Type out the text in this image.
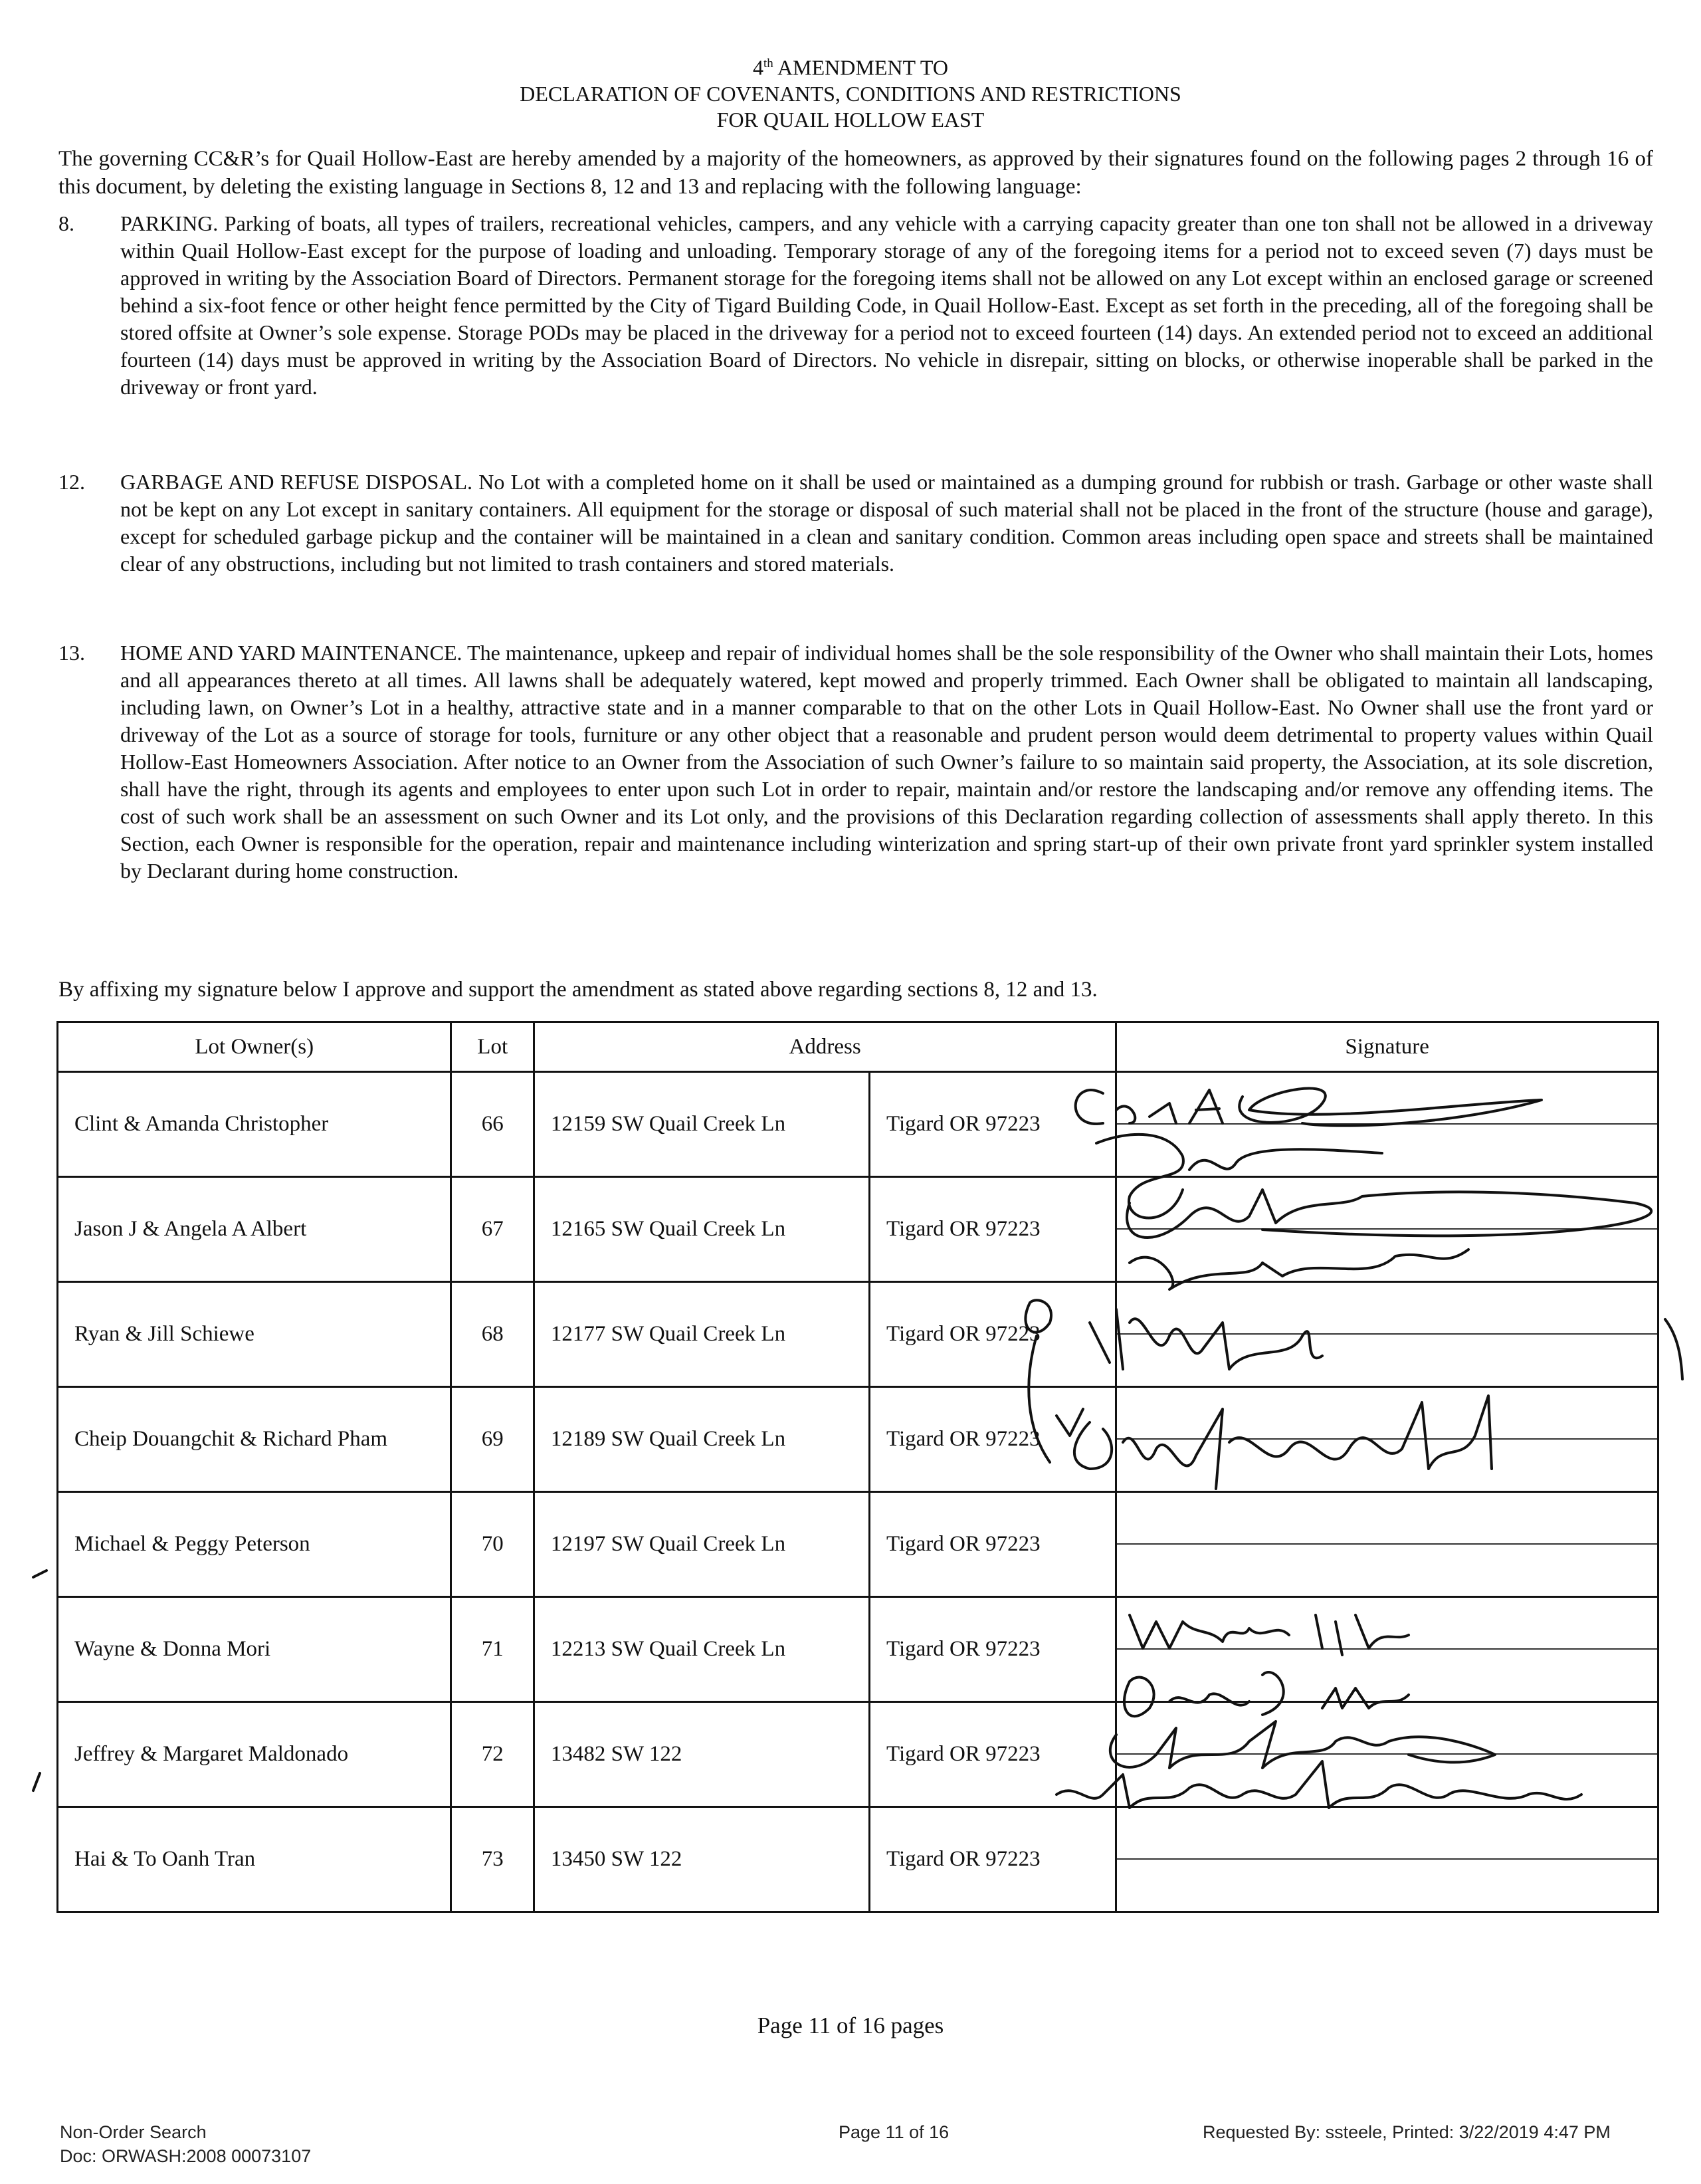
4th AMENDMENT TO
DECLARATION OF COVENANTS, CONDITIONS AND RESTRICTIONS
FOR QUAIL HOLLOW EAST
The governing CC&R’s for Quail Hollow-East are hereby amended by a majority of the homeowners, as approved by their signatures found on the following pages 2 through 16 of this document, by deleting the existing language in Sections 8, 12 and 13 and replacing with the following language:
8.	PARKING. Parking of boats, all types of trailers, recreational vehicles, campers, and any vehicle with a carrying capacity greater than one ton shall not be allowed in a driveway within Quail Hollow-East except for the purpose of loading and unloading. Temporary storage of any of the foregoing items for a period not to exceed seven (7) days must be approved in writing by the Association Board of Directors. Permanent storage for the foregoing items shall not be allowed on any Lot except within an enclosed garage or screened behind a six-foot fence or other height fence permitted by the City of Tigard Building Code, in Quail Hollow-East. Except as set forth in the preceding, all of the foregoing shall be stored offsite at Owner’s sole expense. Storage PODs may be placed in the driveway for a period not to exceed fourteen (14) days. An extended period not to exceed an additional fourteen (14) days must be approved in writing by the Association Board of Directors. No vehicle in disrepair, sitting on blocks, or otherwise inoperable shall be parked in the driveway or front yard.
12.	GARBAGE AND REFUSE DISPOSAL. No Lot with a completed home on it shall be used or maintained as a dumping ground for rubbish or trash. Garbage or other waste shall not be kept on any Lot except in sanitary containers. All equipment for the storage or disposal of such material shall not be placed in the front of the structure (house and garage), except for scheduled garbage pickup and the container will be maintained in a clean and sanitary condition. Common areas including open space and streets shall be maintained clear of any obstructions, including but not limited to trash containers and stored materials.
13.	HOME AND YARD MAINTENANCE. The maintenance, upkeep and repair of individual homes shall be the sole responsibility of the Owner who shall maintain their Lots, homes and all appearances thereto at all times. All lawns shall be adequately watered, kept mowed and properly trimmed. Each Owner shall be obligated to maintain all landscaping, including lawn, on Owner’s Lot in a healthy, attractive state and in a manner comparable to that on the other Lots in Quail Hollow-East. No Owner shall use the front yard or driveway of the Lot as a source of storage for tools, furniture or any other object that a reasonable and prudent person would deem detrimental to property values within Quail Hollow-East Homeowners Association. After notice to an Owner from the Association of such Owner’s failure to so maintain said property, the Association, at its sole discretion, shall have the right, through its agents and employees to enter upon such Lot in order to repair, maintain and/or restore the landscaping and/or remove any offending items. The cost of such work shall be an assessment on such Owner and its Lot only, and the provisions of this Declaration regarding collection of assessments shall apply thereto. In this Section, each Owner is responsible for the operation, repair and maintenance including winterization and spring start-up of their own private front yard sprinkler system installed by Declarant during home construction.
By affixing my signature below I approve and support the amendment as stated above regarding sections 8, 12 and 13.
Lot Owner(s)	Lot	Address		Signature
Clint & Amanda Christopher	66	12159 SW Quail Creek Ln	Tigard OR 97223	

Jason J & Angela A Albert	67	12165 SW Quail Creek Ln	Tigard OR 97223	

Ryan & Jill Schiewe	68	12177 SW Quail Creek Ln	Tigard OR 97223	

Cheip Douangchit & Richard Pham	69	12189 SW Quail Creek Ln	Tigard OR 97223	

Michael & Peggy Peterson	70	12197 SW Quail Creek Ln	Tigard OR 97223	

Wayne & Donna Mori	71	12213 SW Quail Creek Ln	Tigard OR 97223	

Jeffrey & Margaret Maldonado	72	13482 SW 122	Tigard OR 97223	

Hai & To Oanh Tran	73	13450 SW 122	Tigard OR 97223	
Page 11 of 16 pages
Non-Order Search
Doc: ORWASH:2008 00073107
Page 11 of 16	Requested By: ssteele, Printed: 3/22/2019 4:47 PM
